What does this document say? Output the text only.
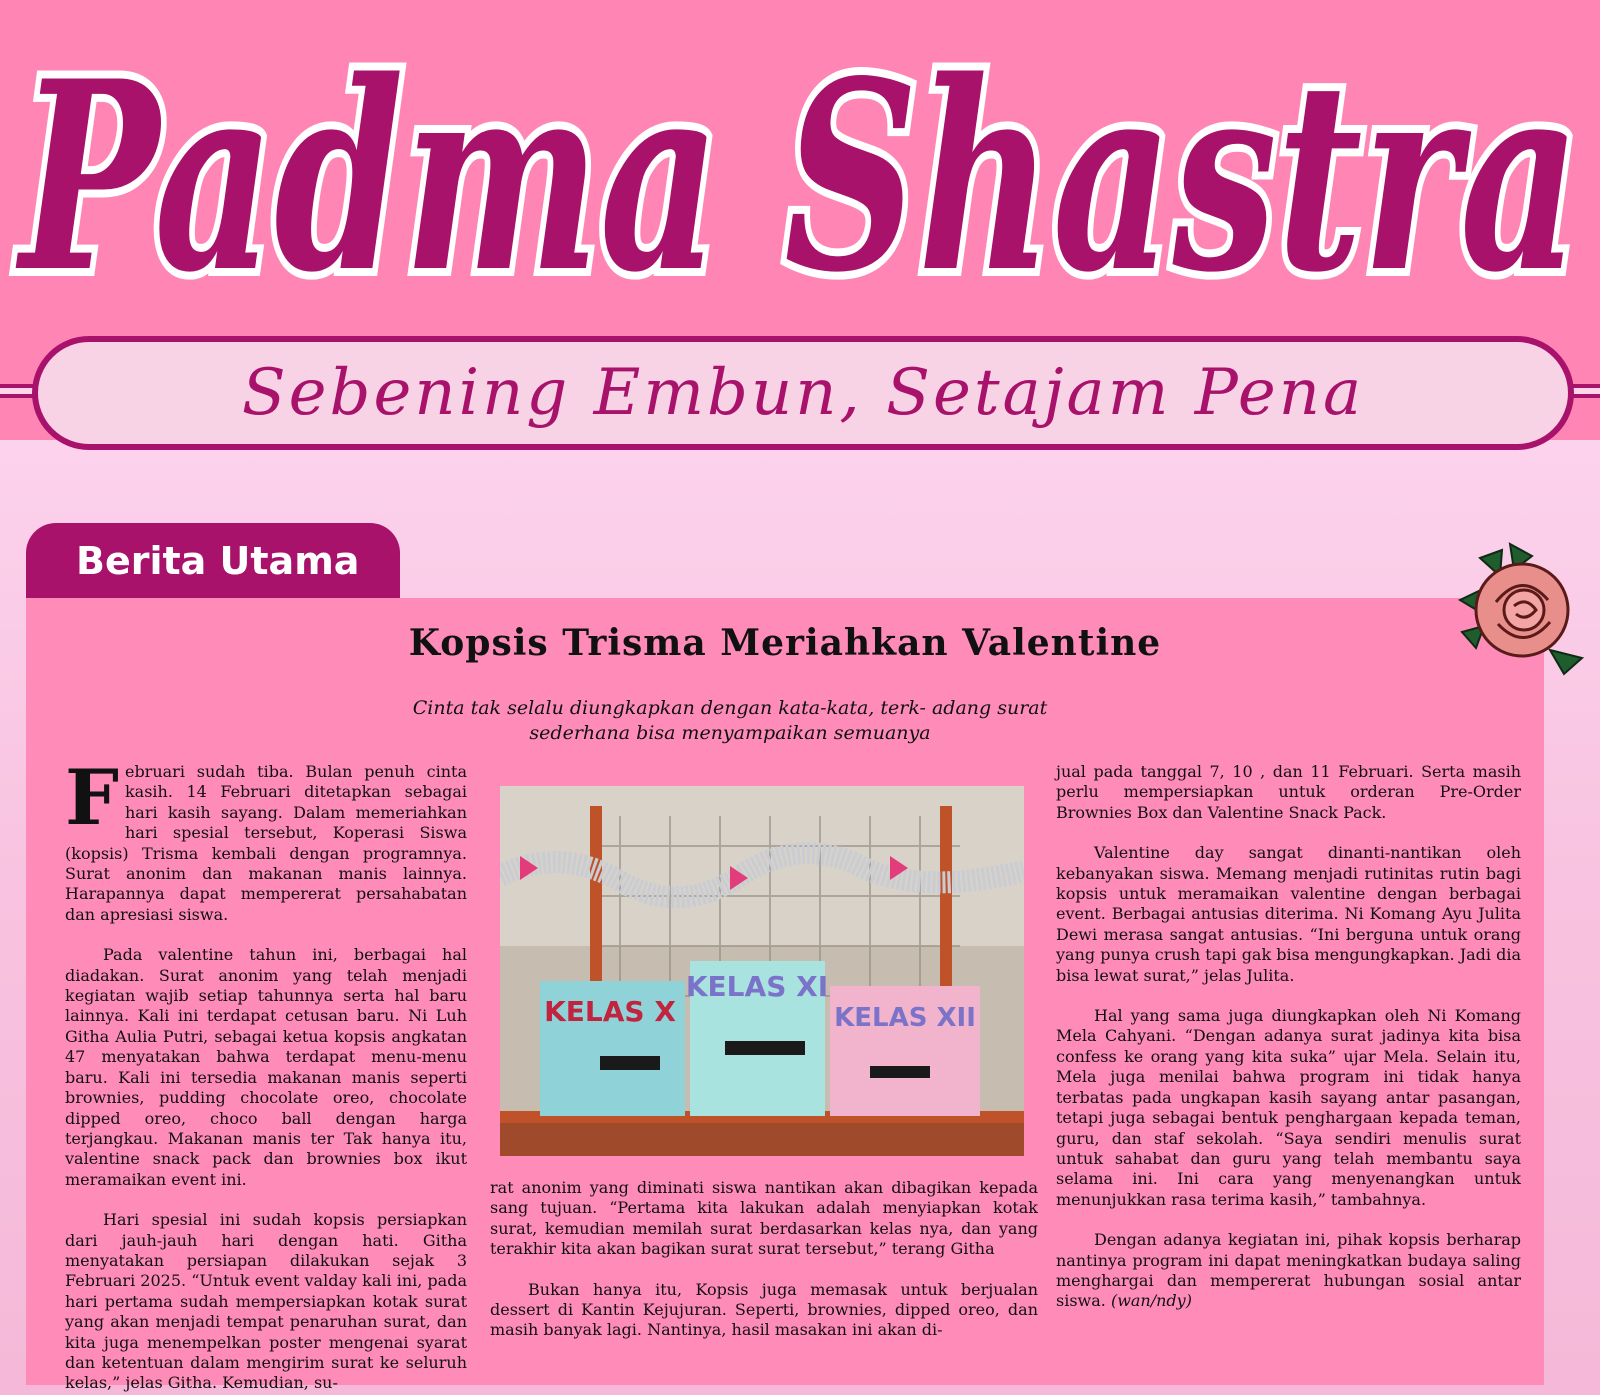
Padma Shastra
Sebening Embun, Setajam Pena
Berita Utama
Kopsis Trisma Meriahkan Valentine
Cinta tak selalu diungkapkan dengan kata-kata, terk- adang surat sederhana bisa menyampaikan semuanya

Februari sudah tiba. Bulan penuh cinta kasih. 14 Februari ditetapkan sebagai hari kasih sayang. Dalam memeriahkan hari spesial tersebut, Koperasi Siswa (kopsis) Trisma kembali dengan programnya. Surat anonim dan makanan manis lainnya. Harapannya dapat mempererat persahabatan dan apresiasi siswa.

Pada valentine tahun ini, berbagai hal diadakan. Surat anonim yang telah menjadi kegiatan wajib setiap tahunnya serta hal baru lainnya. Kali ini terdapat cetusan baru. Ni Luh Githa Aulia Putri, sebagai ketua kopsis angkatan 47 menyatakan bahwa terdapat menu-menu baru. Kali ini tersedia makanan manis seperti brownies, pudding chocolate oreo, chocolate dipped oreo, choco ball dengan harga terjangkau. Makanan manis ter Tak hanya itu, valentine snack pack dan brownies box ikut meramaikan event ini.

Hari spesial ini sudah kopsis persiapkan dari jauh-jauh hari dengan hati. Githa menyatakan persiapan dilakukan sejak 3 Februari 2025. “Untuk event valday kali ini, pada hari pertama sudah mempersiapkan kotak surat yang akan menjadi tempat penaruhan surat, dan kita juga menempelkan poster mengenai syarat dan ketentuan dalam mengirim surat ke seluruh kelas,” jelas Githa. Kemudian, su-

KELAS X
KELAS XI
KELAS XII

rat anonim yang diminati siswa nantikan akan dibagikan kepada sang tujuan. “Pertama kita lakukan adalah menyiapkan kotak surat, kemudian memilah surat berdasarkan kelas nya, dan yang terakhir kita akan bagikan surat surat tersebut,” terang Githa

Bukan hanya itu, Kopsis juga memasak untuk berjualan dessert di Kantin Kejujuran. Seperti, brownies, dipped oreo, dan masih banyak lagi. Nantinya, hasil masakan ini akan di-

jual pada tanggal 7, 10 , dan 11 Februari. Serta masih perlu mempersiapkan untuk orderan Pre-Order Brownies Box dan Valentine Snack Pack.

Valentine day sangat dinanti-nantikan oleh kebanyakan siswa. Memang menjadi rutinitas rutin bagi kopsis untuk meramaikan valentine dengan berbagai event. Berbagai antusias diterima. Ni Komang Ayu Julita Dewi merasa sangat antusias. “Ini berguna untuk orang yang punya crush tapi gak bisa mengungkapkan. Jadi dia bisa lewat surat,” jelas Julita.

Hal yang sama juga diungkapkan oleh Ni Komang Mela Cahyani. “Dengan adanya surat jadinya kita bisa confess ke orang yang kita suka” ujar Mela. Selain itu, Mela juga menilai bahwa program ini tidak hanya terbatas pada ungkapan kasih sayang antar pasangan, tetapi juga sebagai bentuk penghargaan kepada teman, guru, dan staf sekolah. “Saya sendiri menulis surat untuk sahabat dan guru yang telah membantu saya selama ini. Ini cara yang menyenangkan untuk menunjukkan rasa terima kasih,” tambahnya.

Dengan adanya kegiatan ini, pihak kopsis berharap nantinya program ini dapat meningkatkan budaya saling menghargai dan mempererat hubungan sosial antar siswa. (wan/ndy)
